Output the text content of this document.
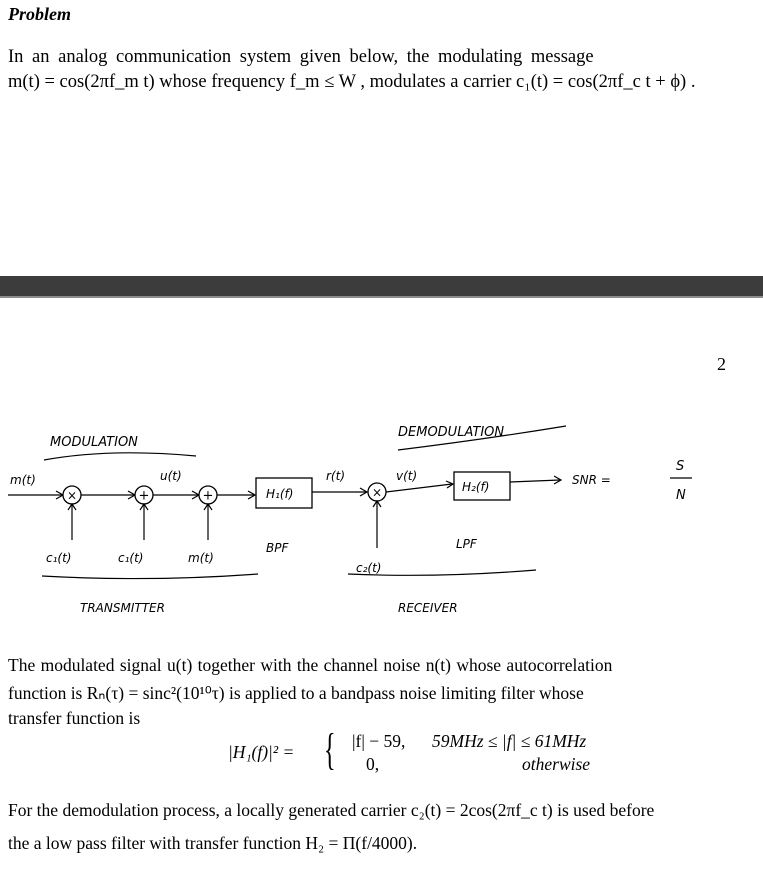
Problem
In an analog communication system given below, the modulating message
m(t) = cos(2πf_m t) whose frequency f_m ≤ W , modulates a carrier c₁(t) = cos(2πf_c t + ϕ) .
2
MODULATION
DEMODULATION
m(t)
×	+
u(t)
+	H₁(f)
BPF
r(t)
c₁(t)	c₁(t)	m(t)
TRANSMITTER
×
c₂(t)
v(t)
H₂(f)
LPF
SNR =
S
N
RECEIVER
The modulated signal u(t) together with the channel noise n(t) whose autocorrelation
function is Rₙ(τ) = sinc²(10¹⁰τ) is applied to a bandpass noise limiting filter whose
transfer function is
|H₁(f)|² = { |f| − 59, 59MHz ≤ |f| ≤ 61MHz
0,	otherwise
For the demodulation process, a locally generated carrier c₂(t) = 2cos(2πf_c t) is used before
the a low pass filter with transfer function H₂ = Π(f/4000).
